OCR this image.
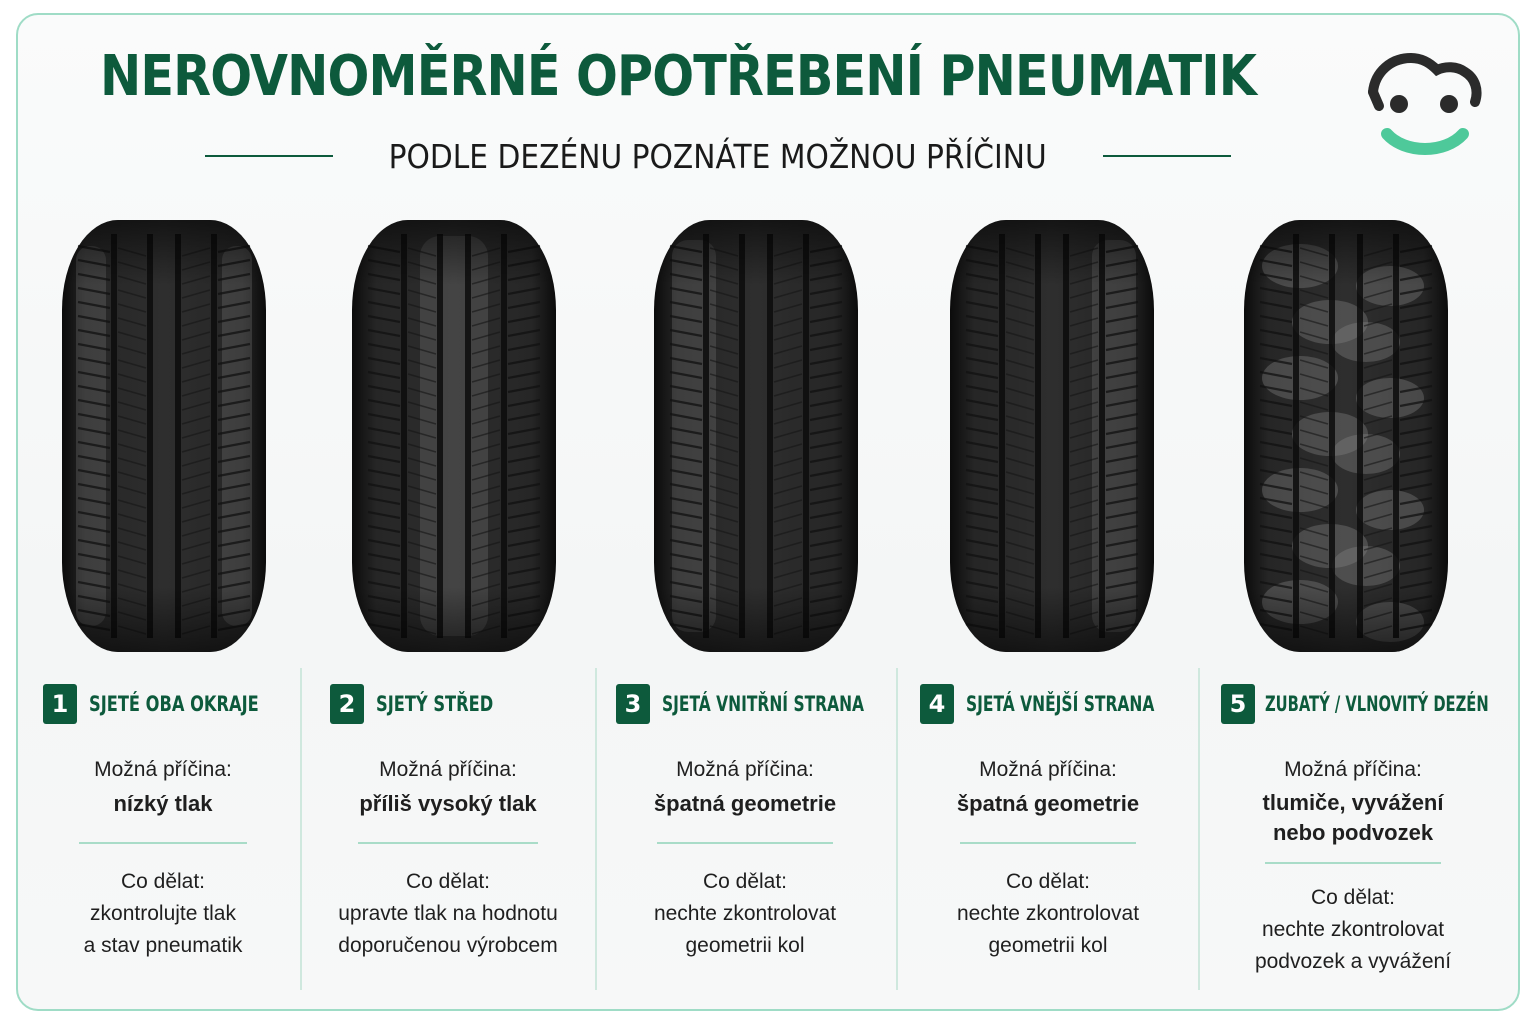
NEROVNOMĚRNÉ OPOTŘEBENÍ PNEUMATIK
PODLE DEZÉNU POZNÁTE MOŽNOU PŘÍČINU
1 SJETÉ OBA OKRAJE
Možná příčina:
nízký tlak
Co dělat:
zkontrolujte tlak
a stav pneumatik
2 SJETÝ STŘED
Možná příčina:
příliš vysoký tlak
Co dělat:
upravte tlak na hodnotu
doporučenou výrobcem
3 SJETÁ VNITŘNÍ STRANA
Možná příčina:
špatná geometrie
Co dělat:
nechte zkontrolovat
geometrii kol
4 SJETÁ VNĚJŠÍ STRANA
Možná příčina:
špatná geometrie
Co dělat:
nechte zkontrolovat
geometrii kol
5 ZUBATÝ / VLNOVITÝ DEZÉN
Možná příčina:
tlumiče, vyvážení
nebo podvozek
Co dělat:
nechte zkontrolovat
podvozek a vyvážení
